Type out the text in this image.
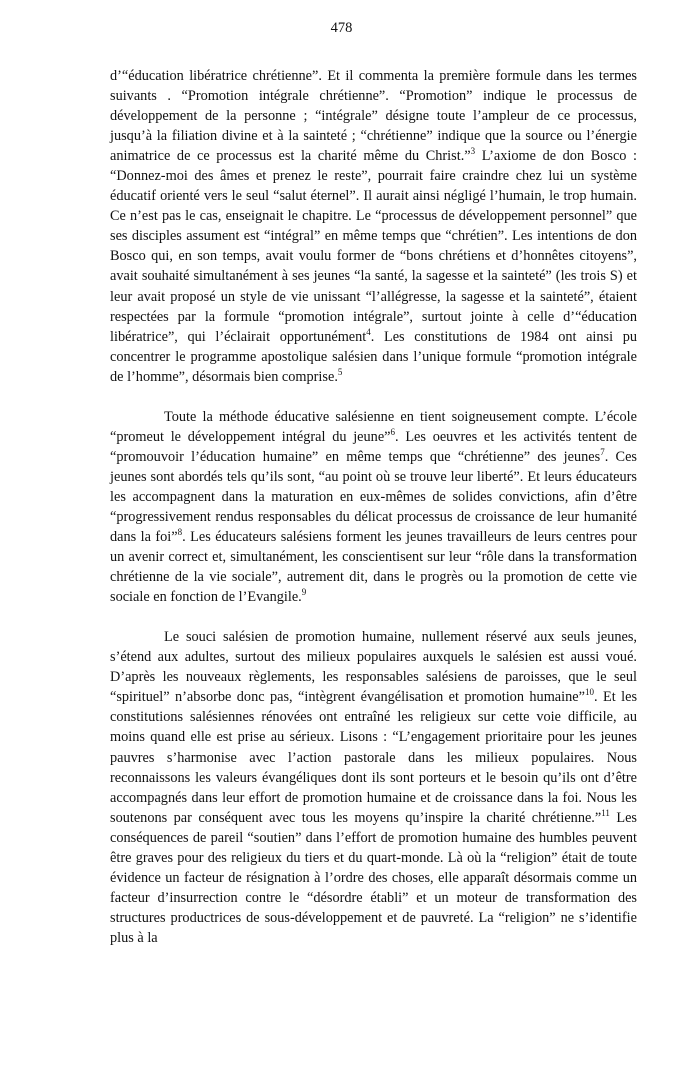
478

d’“éducation libératrice chrétienne”. Et il commenta la première formule dans les termes suivants . “Promotion intégrale chrétienne”. “Promotion” indique le processus de développement de la personne ; “intégrale” désigne toute l’ampleur de ce processus, jusqu’à la filiation divine et à la sainteté ; “chrétienne” indique que la source ou l’énergie animatrice de ce processus est la charité même du Christ.”$^3$ L’axiome de don Bosco : “Donnez-moi des âmes et prenez le reste”, pourrait faire craindre chez lui un système éducatif orienté vers le seul “salut éternel”. Il aurait ainsi négligé l’humain, le trop humain. Ce n’est pas le cas, enseignait le chapitre. Le “processus de développement personnel” que ses disciples assument est “intégral” en même temps que “chrétien”. Les intentions de don Bosco qui, en son temps, avait voulu former de “bons chrétiens et d’honnêtes citoyens”, avait souhaité simultanément à ses jeunes “la santé, la sagesse et la sainteté” (les trois S) et leur avait proposé un style de vie unissant “l’allégresse, la sagesse et la sainteté”, étaient respectées par la formule “promotion intégrale”, surtout jointe à celle d’“éducation libératrice”, qui l’éclairait opportunément$^4$. Les constitutions de 1984 ont ainsi pu concentrer le programme apostolique salésien dans l’unique formule “promotion intégrale de l’homme”, désormais bien comprise.$^5$

Toute la méthode éducative salésienne en tient soigneusement compte. L’école “promeut le développement intégral du jeune”$^6$. Les oeuvres et les activités tentent de “promouvoir l’éducation humaine” en même temps que “chrétienne” des jeunes$^7$. Ces jeunes sont abordés tels qu’ils sont, “au point où se trouve leur liberté”. Et leurs éducateurs les accompagnent dans la maturation en eux-mêmes de solides convictions, afin d’être “progressivement rendus responsables du délicat processus de croissance de leur humanité dans la foi”$^8$. Les éducateurs salésiens forment les jeunes travailleurs de leurs centres pour un avenir correct et, simultanément, les conscientisent sur leur “rôle dans la transformation chrétienne de la vie sociale”, autrement dit, dans le progrès ou la promotion de cette vie sociale en fonction de l’Evangile.$^9$

Le souci salésien de promotion humaine, nullement réservé aux seuls jeunes, s’étend aux adultes, surtout des milieux populaires auxquels le salésien est aussi voué. D’après les nouveaux règlements, les responsables salésiens de paroisses, que le seul “spirituel” n’absorbe donc pas, “intègrent évangélisation et promotion humaine”$^{10}$. Et les constitutions salésiennes rénovées ont entraîné les religieux sur cette voie difficile, au moins quand elle est prise au sérieux. Lisons : “L’engagement prioritaire pour les jeunes pauvres s’harmonise avec l’action pastorale dans les milieux populaires. Nous reconnaissons les valeurs évangéliques dont ils sont porteurs et le besoin qu’ils ont d’être accompagnés dans leur effort de promotion humaine et de croissance dans la foi. Nous les soutenons par conséquent avec tous les moyens qu’inspire la charité chrétienne.”$^{11}$ Les conséquences de pareil “soutien” dans l’effort de promotion humaine des humbles peuvent être graves pour des religieux du tiers et du quart-monde. Là où la “religion” était de toute évidence un facteur de résignation à l’ordre des choses, elle apparaît désormais comme un facteur d’insurrection contre le “désordre établi” et un moteur de transformation des structures productrices de sous-développement et de pauvreté. La “religion” ne s’identifie plus à la
